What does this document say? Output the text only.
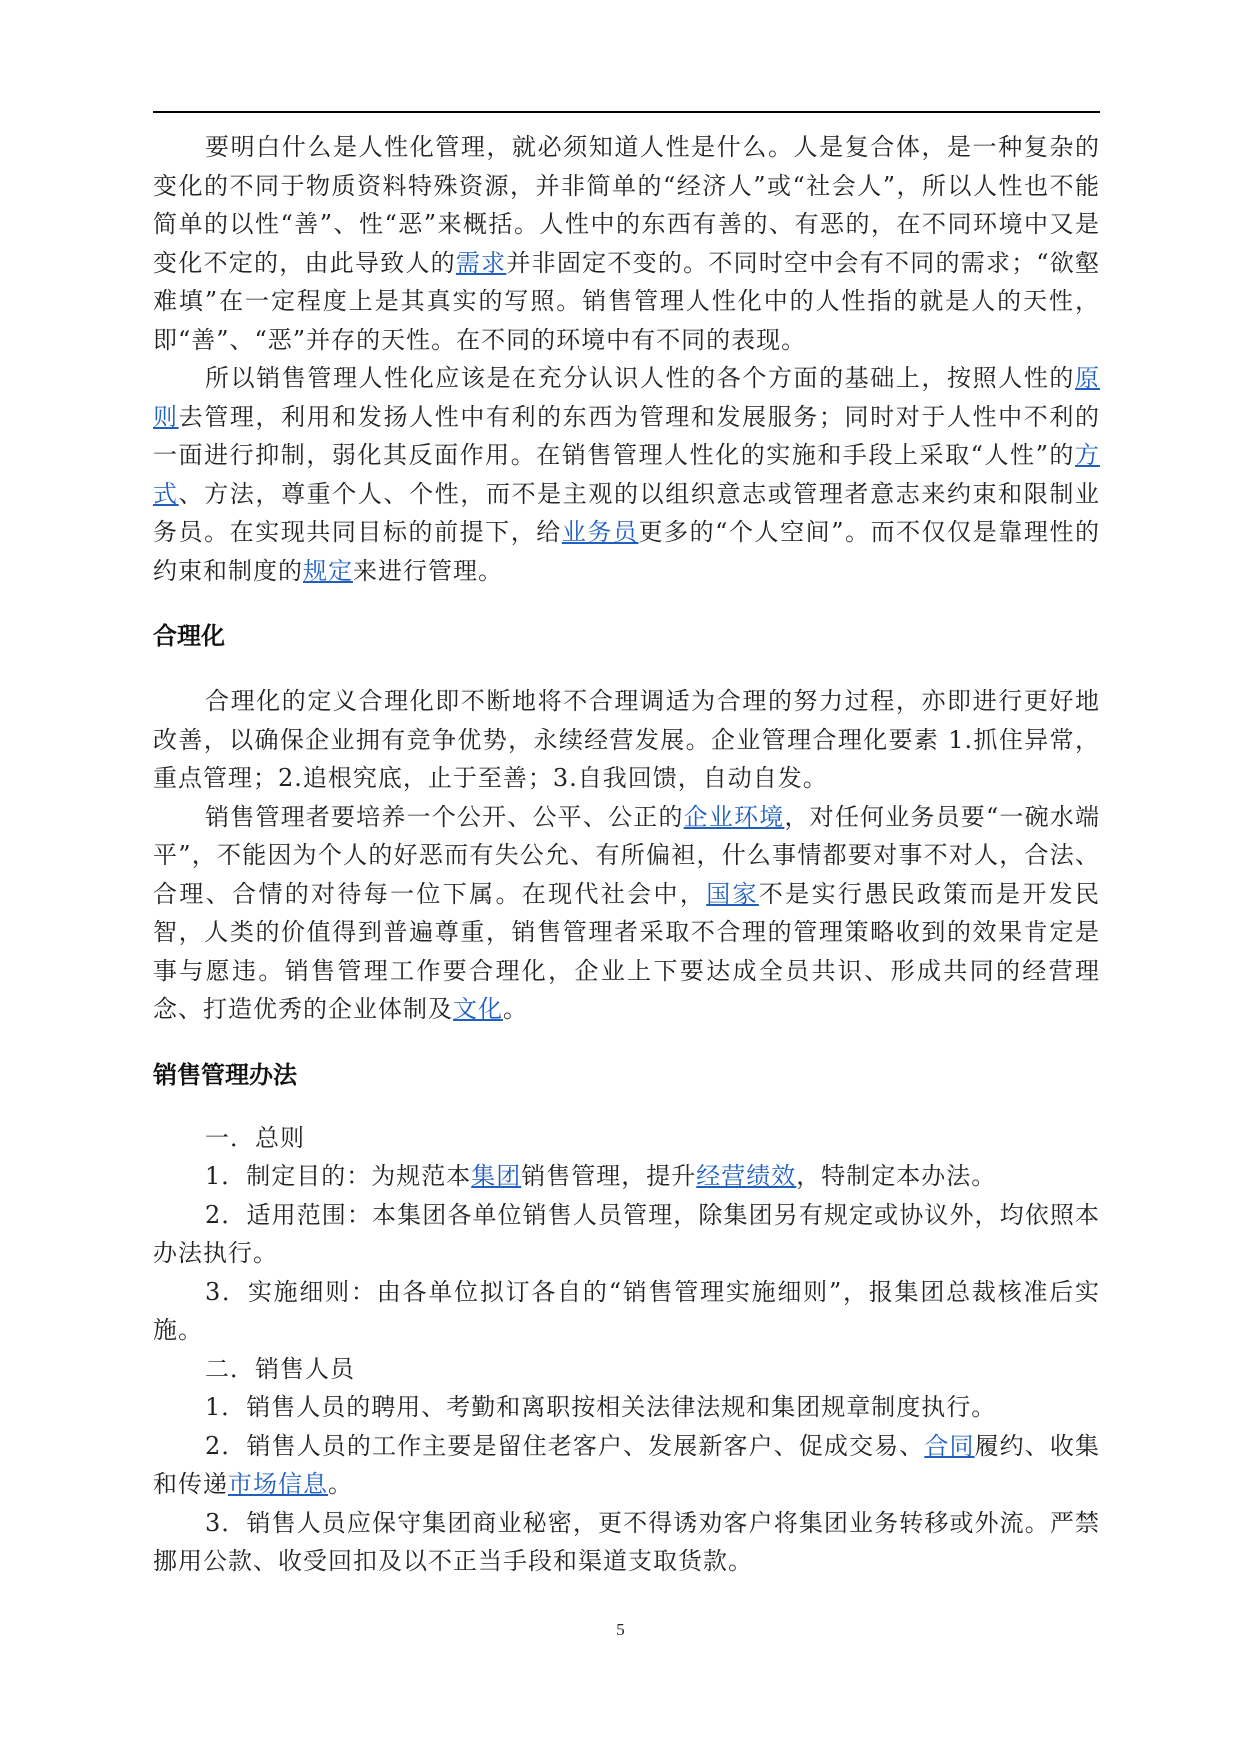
要明白什么是人性化管理，就必须知道人性是什么。人是复合体，是一种复杂的变化的不同于物质资料特殊资源，并非简单的“经济人”或“社会人”，所以人性也不能简单的以性“善”、性“恶”来概括。人性中的东西有善的、有恶的，在不同环境中又是变化不定的，由此导致人的需求并非固定不变的。不同时空中会有不同的需求；“欲壑难填”在一定程度上是其真实的写照。销售管理人性化中的人性指的就是人的天性，即“善”、“恶”并存的天性。在不同的环境中有不同的表现。

所以销售管理人性化应该是在充分认识人性的各个方面的基础上，按照人性的原则去管理，利用和发扬人性中有利的东西为管理和发展服务；同时对于人性中不利的一面进行抑制，弱化其反面作用。在销售管理人性化的实施和手段上采取“人性”的方式、方法，尊重个人、个性，而不是主观的以组织意志或管理者意志来约束和限制业务员。在实现共同目标的前提下，给业务员更多的“个人空间”。而不仅仅是靠理性的约束和制度的规定来进行管理。

合理化

合理化的定义合理化即不断地将不合理调适为合理的努力过程，亦即进行更好地改善，以确保企业拥有竞争优势，永续经营发展。企业管理合理化要素 1.抓住异常，重点管理；2.追根究底，止于至善；3.自我回馈，自动自发。

销售管理者要培养一个公开、公平、公正的企业环境，对任何业务员要“一碗水端平”，不能因为个人的好恶而有失公允、有所偏袒，什么事情都要对事不对人，合法、合理、合情的对待每一位下属。在现代社会中，国家不是实行愚民政策而是开发民智，人类的价值得到普遍尊重，销售管理者采取不合理的管理策略收到的效果肯定是事与愿违。销售管理工作要合理化，企业上下要达成全员共识、形成共同的经营理念、打造优秀的企业体制及文化。

销售管理办法

一．总则

1．制定目的：为规范本集团销售管理，提升经营绩效，特制定本办法。

2．适用范围：本集团各单位销售人员管理，除集团另有规定或协议外，均依照本办法执行。

3．实施细则：由各单位拟订各自的“销售管理实施细则”，报集团总裁核准后实施。

二．销售人员

1．销售人员的聘用、考勤和离职按相关法律法规和集团规章制度执行。

2．销售人员的工作主要是留住老客户、发展新客户、促成交易、合同履约、收集和传递市场信息。

3．销售人员应保守集团商业秘密，更不得诱劝客户将集团业务转移或外流。严禁挪用公款、收受回扣及以不正当手段和渠道支取货款。

5
